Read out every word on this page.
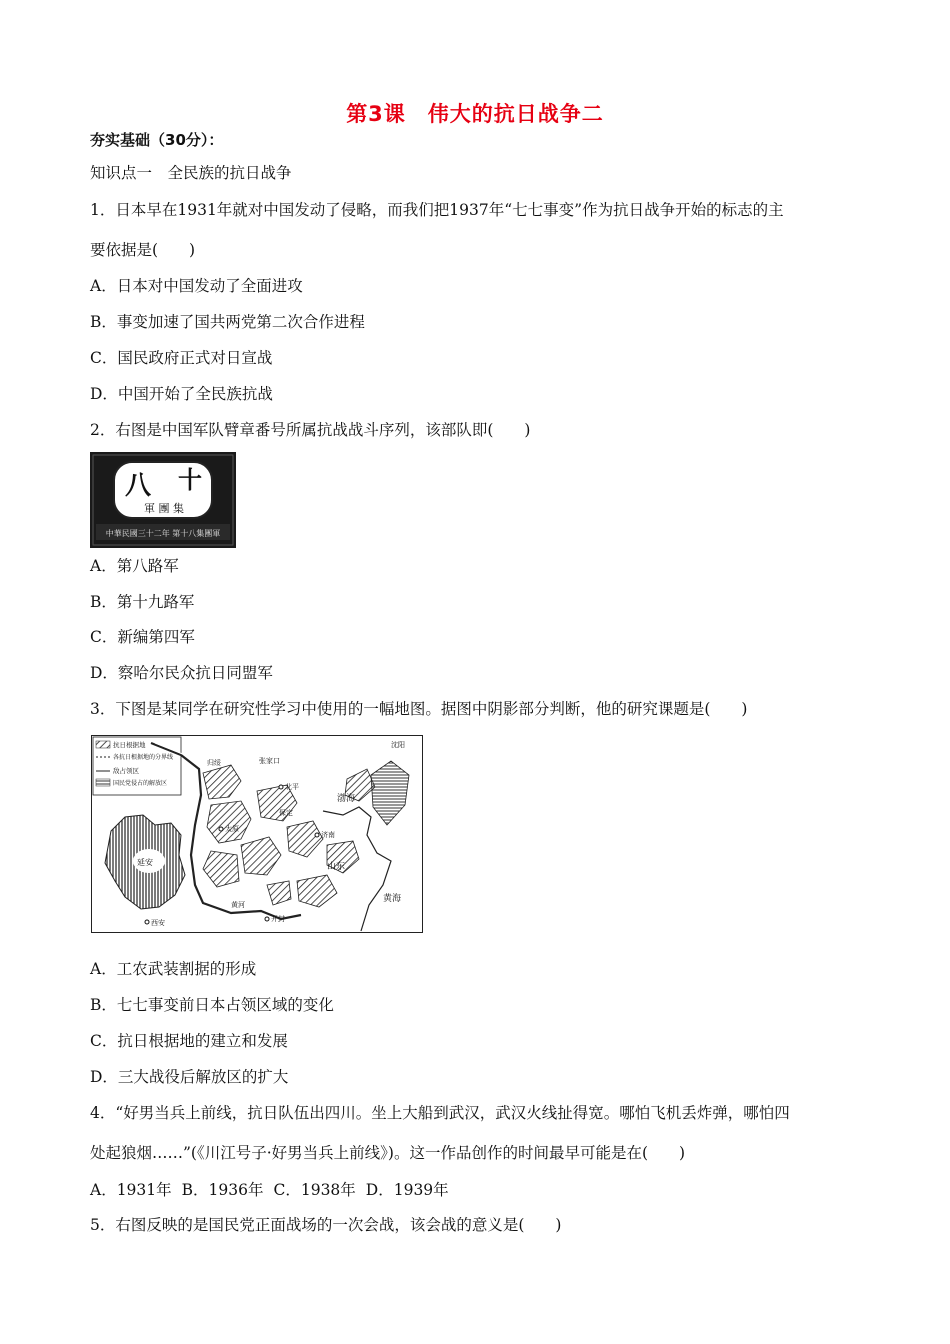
第3课　伟大的抗日战争二
夯实基础（30分）：
知识点一　全民族的抗日战争
1．日本早在1931年就对中国发动了侵略，而我们把1937年“七七事变”作为抗日战争开始的标志的主
要依据是(　　)
A．日本对中国发动了全面进攻
B．事变加速了国共两党第二次合作进程
C．国民政府正式对日宣战
D．中国开始了全民族抗战
2．右图是中国军队臂章番号所属抗战战斗序列，该部队即(　　)
八 十
軍 團 集
中華民國三十二年 第十八集團軍
A．第八路军
B．第十九路军
C．新编第四军
D．察哈尔民众抗日同盟军
3．下图是某同学在研究性学习中使用的一幅地图。据图中阴影部分判断，他的研究课题是(　　)
抗日根据地
各抗日根据地的分界线
敌占领区
国民党侵占的解放区
延安
沈阳
归绥	张家口
北平
保定
太原
济南
山东
西安	开封
渤海
黄海
黄河
A．工农武装割据的形成
B．七七事变前日本占领区域的变化
C．抗日根据地的建立和发展
D．三大战役后解放区的扩大
4．“好男当兵上前线，抗日队伍出四川。坐上大船到武汉，武汉火线扯得宽。哪怕飞机丢炸弹，哪怕四
处起狼烟……”(《川江号子·好男当兵上前线》)。这一作品创作的时间最早可能是在(　　)
A．1931年 B．1936年 C．1938年 D．1939年
5．右图反映的是国民党正面战场的一次会战，该会战的意义是(　　)
